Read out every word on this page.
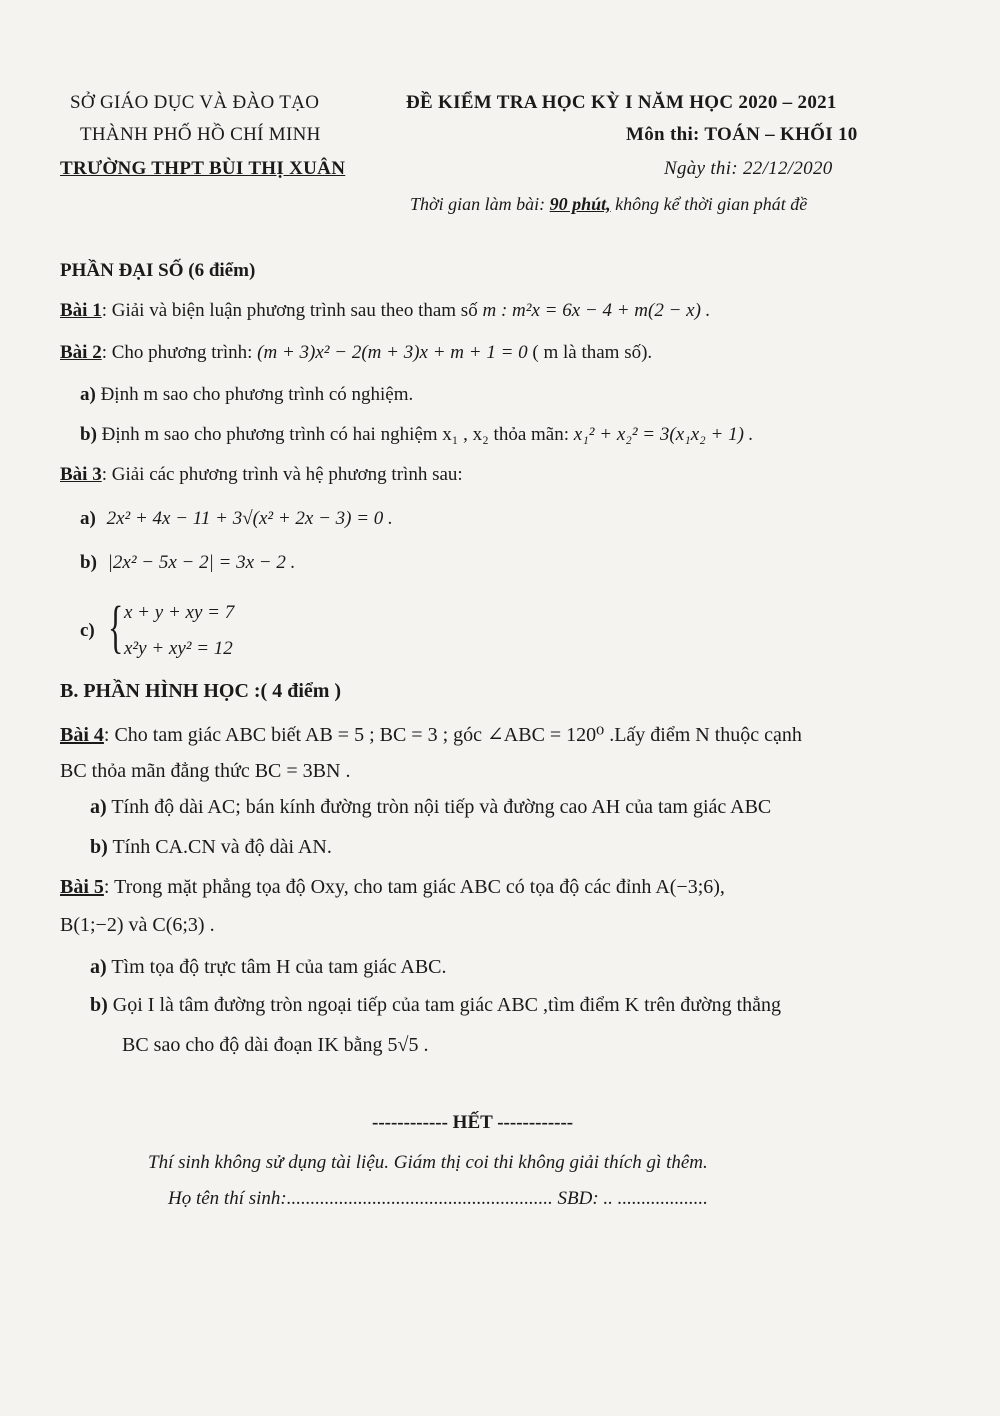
SỞ GIÁO DỤC VÀ ĐÀO TẠO
THÀNH PHỐ HỒ CHÍ MINH
TRƯỜNG THPT BÙI THỊ XUÂN
ĐỀ KIỂM TRA HỌC KỲ I NĂM HỌC 2020 – 2021
Môn thi: TOÁN – KHỐI 10
Ngày thi: 22/12/2020
Thời gian làm bài: 90 phút, không kể thời gian phát đề
PHẦN ĐẠI SỐ (6 điểm)
Bài 1: Giải và biện luận phương trình sau theo tham số m : m²x = 6x − 4 + m(2 − x) .
Bài 2: Cho phương trình: (m + 3)x² − 2(m + 3)x + m + 1 = 0 ( m là tham số).
a) Định m sao cho phương trình có nghiệm.
b) Định m sao cho phương trình có hai nghiệm x₁ , x₂ thỏa mãn: x₁² + x₂² = 3(x₁x₂ + 1) .
Bài 3: Giải các phương trình và hệ phương trình sau:
a) 2x² + 4x − 11 + 3√(x² + 2x − 3) = 0 .
b) |2x² − 5x − 2| = 3x − 2 .
c) { x + y + xy = 7
x²y + xy² = 12
B. PHẦN HÌNH HỌC :( 4 điểm )
Bài 4: Cho tam giác ABC biết AB = 5 ; BC = 3 ; góc ∠ABC = 120⁰ .Lấy điểm N thuộc cạnh
BC thỏa mãn đẳng thức BC = 3BN .
a) Tính độ dài AC; bán kính đường tròn nội tiếp và đường cao AH của tam giác ABC
b) Tính CA.CN và độ dài AN.
Bài 5: Trong mặt phẳng tọa độ Oxy, cho tam giác ABC có tọa độ các đỉnh A(−3;6),
B(1;−2) và C(6;3) .
a) Tìm tọa độ trực tâm H của tam giác ABC.
b) Gọi I là tâm đường tròn ngoại tiếp của tam giác ABC ,tìm điểm K trên đường thẳng
BC sao cho độ dài đoạn IK bằng 5√5 .
------------ HẾT ------------
Thí sinh không sử dụng tài liệu. Giám thị coi thi không giải thích gì thêm.
Họ tên thí sinh:........................................................ SBD: .. ...................
